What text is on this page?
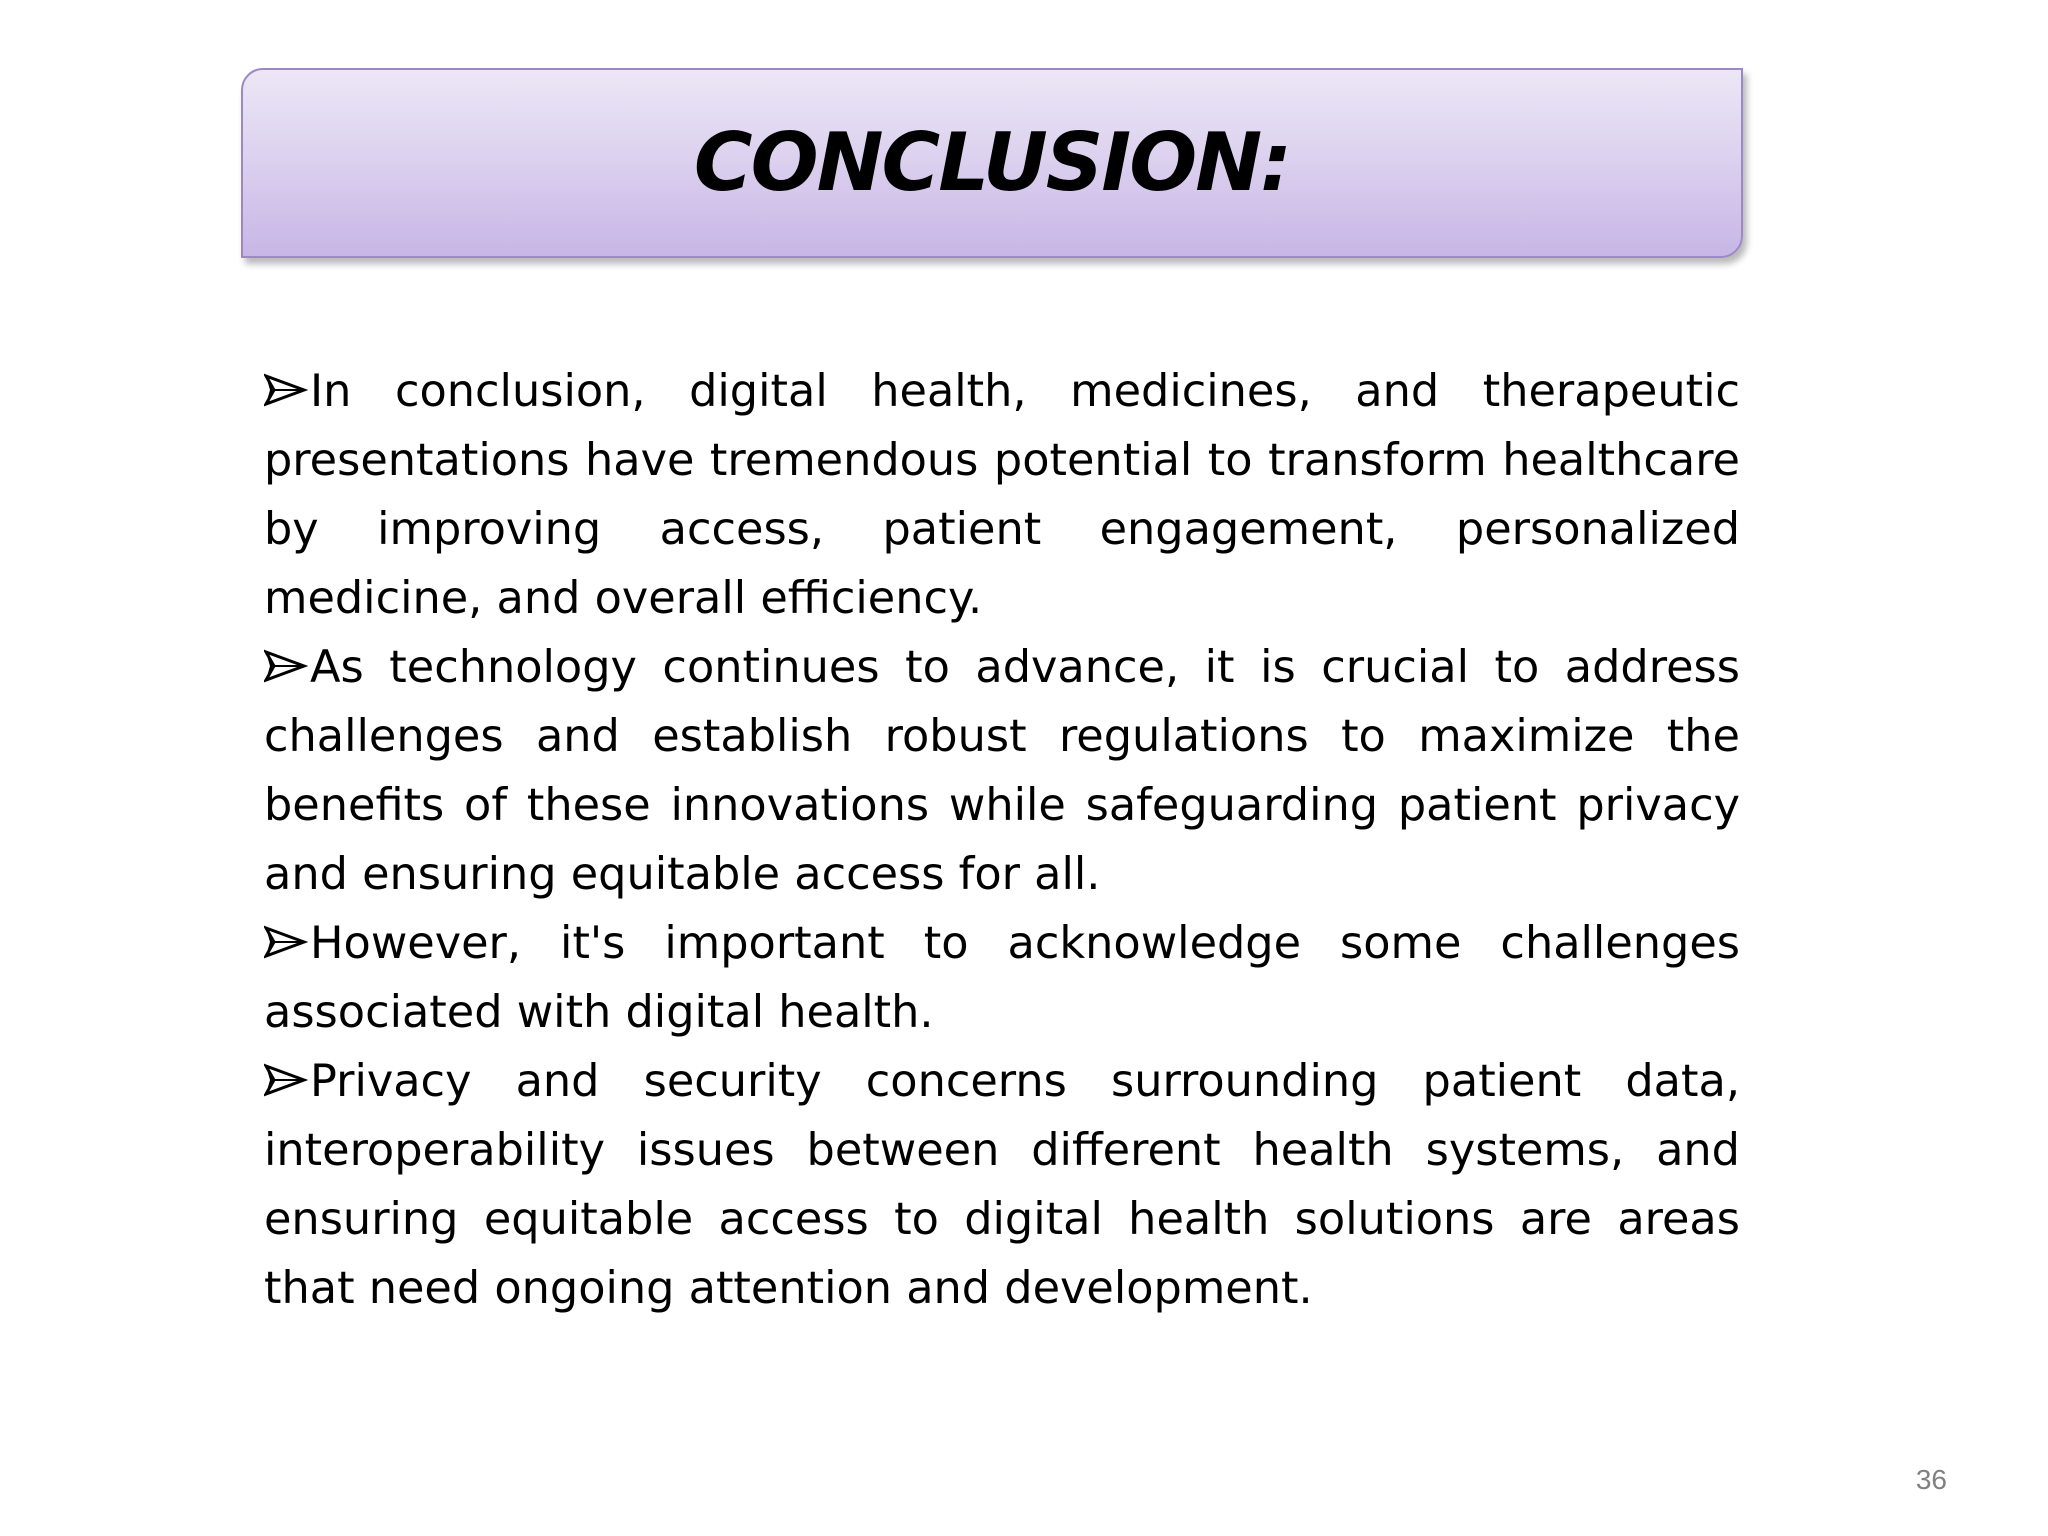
CONCLUSION:

In conclusion, digital health, medicines, and therapeutic presentations have tremendous potential to transform healthcare by improving access, patient engagement, personalized medicine, and overall efficiency.

As technology continues to advance, it is crucial to address challenges and establish robust regulations to maximize the benefits of these innovations while safeguarding patient privacy and ensuring equitable access for all.

However, it's important to acknowledge some challenges associated with digital health.

Privacy and security concerns surrounding patient data, interoperability issues between different health systems, and ensuring equitable access to digital health solutions are areas that need ongoing attention and development.

36
